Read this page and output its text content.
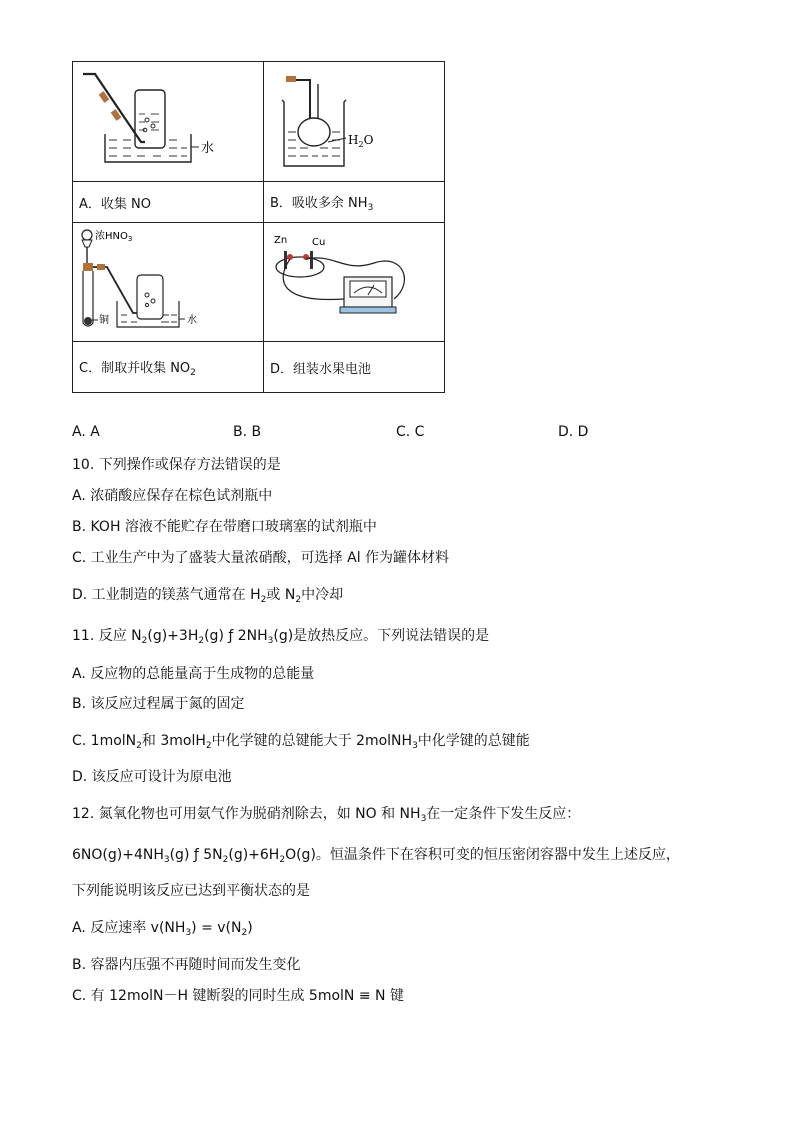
水	$H_2O$

A．收集 NO	B．吸收多余 $NH_3$

浓$HNO_3$
铜 水	Zn Cu

C．制取并收集 $NO_2$	D．组装水果电池
A. A	B. B	C. C	D. D
10. 下列操作或保存方法错误的是
A. 浓硝酸应保存在棕色试剂瓶中
B. KOH 溶液不能贮存在带磨口玻璃塞的试剂瓶中
C. 工业生产中为了盛装大量浓硝酸，可选择 Al 作为罐体材料
D. 工业制造的镁蒸气通常在 $H_2$或 $N_2$中冷却
11. 反应 $N_2(g)+3H_2(g)$ ƒ $2NH_3(g)$是放热反应。下列说法错误的是
A. 反应物的总能量高于生成物的总能量
B. 该反应过程属于氮的固定
C. 1molN$_2$和 3molH$_2$中化学键的总键能大于 2molNH$_3$中化学键的总键能
D. 该反应可设计为原电池
12. 氮氧化物也可用氨气作为脱硝剂除去，如 NO 和 $NH_3$在一定条件下发生反应：
$6NO(g)+4NH_3(g)$ ƒ $5N_2(g)+6H_2O(g)$。恒温条件下在容积可变的恒压密闭容器中发生上述反应，
下列能说明该反应已达到平衡状态的是
A. 反应速率 $v(NH_3) = v(N_2)$
B. 容器内压强不再随时间而发生变化
C. 有 12molN－H 键断裂的同时生成 5molN ≡ N 键
